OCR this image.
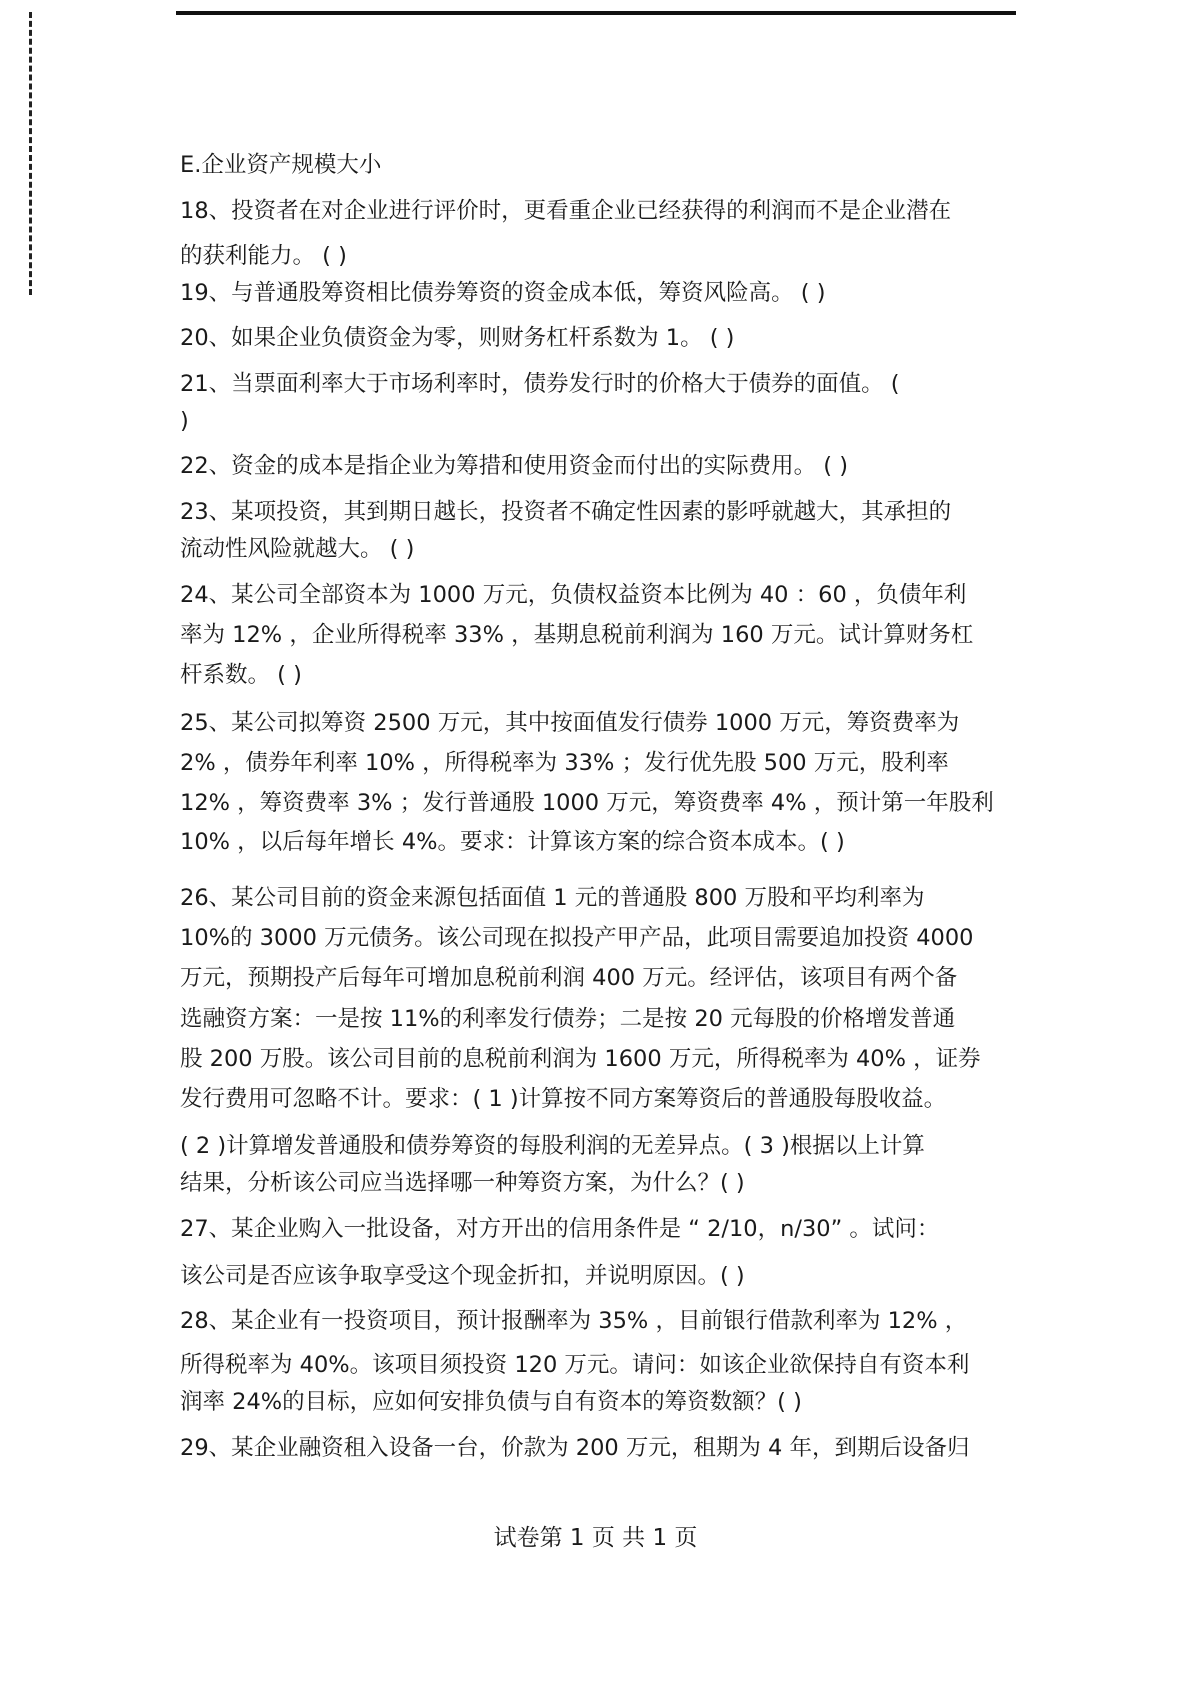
E.企业资产规模大小
18、投资者在对企业进行评价时，更看重企业已经获得的利润而不是企业潜在
的获利能力。 ( )
19、与普通股筹资相比债券筹资的资金成本低，筹资风险高。 ( )
20、如果企业负债资金为零，则财务杠杆系数为 1。 ( )
21、当票面利率大于市场利率时，债券发行时的价格大于债券的面值。 (
)
22、资金的成本是指企业为筹措和使用资金而付出的实际费用。 ( )
23、某项投资，其到期日越长，投资者不确定性因素的影呼就越大，其承担的
流动性风险就越大。 ( )
24、某公司全部资本为 1000 万元，负债权益资本比例为 40 ：60 ，负债年利
率为 12% ，企业所得税率 33% ，基期息税前利润为 160 万元。试计算财务杠
杆系数。 ( )
25、某公司拟筹资 2500 万元，其中按面值发行债券 1000 万元，筹资费率为
2% ，债券年利率 10% ，所得税率为 33% ；发行优先股 500 万元，股利率
12% ，筹资费率 3% ；发行普通股 1000 万元，筹资费率 4% ，预计第一年股利
10% ，以后每年增长 4%。要求：计算该方案的综合资本成本。( )
26、某公司目前的资金来源包括面值 1 元的普通股 800 万股和平均利率为
10%的 3000 万元债务。该公司现在拟投产甲产品，此项目需要追加投资 4000
万元，预期投产后每年可增加息税前利润 400 万元。经评估，该项目有两个备
选融资方案：一是按 11%的利率发行债券；二是按 20 元每股的价格增发普通
股 200 万股。该公司目前的息税前利润为 1600 万元，所得税率为 40% ，证券
发行费用可忽略不计。要求：( 1 )计算按不同方案筹资后的普通股每股收益。
( 2 )计算增发普通股和债券筹资的每股利润的无差异点。( 3 )根据以上计算
结果，分析该公司应当选择哪一种筹资方案，为什么？( )
27、某企业购入一批设备，对方开出的信用条件是 “ 2/10，n/30” 。试问：
该公司是否应该争取享受这个现金折扣，并说明原因。( )
28、某企业有一投资项目，预计报酬率为 35% ，目前银行借款利率为 12% ，
所得税率为 40%。该项目须投资 120 万元。请问：如该企业欲保持自有资本利
润率 24%的目标，应如何安排负债与自有资本的筹资数额？( )
29、某企业融资租入设备一台，价款为 200 万元，租期为 4 年，到期后设备归
试卷第 1 页 共 1 页
